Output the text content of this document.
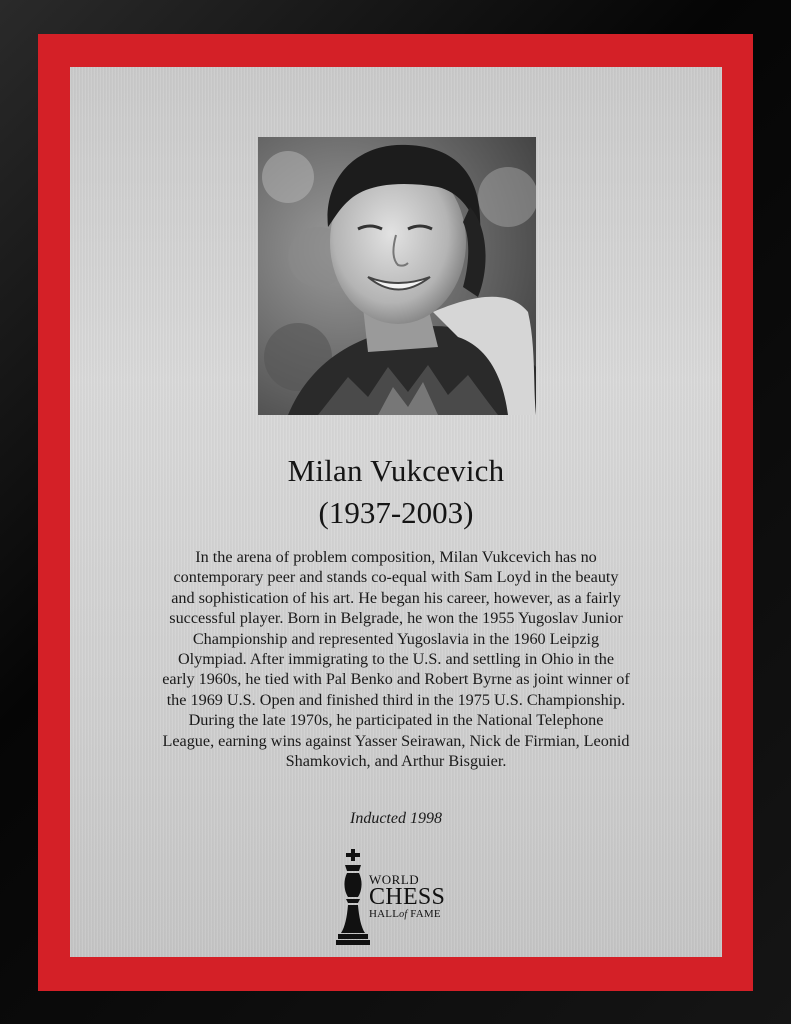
Milan Vukcevich
(1937-2003)
In the arena of problem composition, Milan Vukcevich has no
contemporary peer and stands co-equal with Sam Loyd in the beauty
and sophistication of his art. He began his career, however, as a fairly
successful player. Born in Belgrade, he won the 1955 Yugoslav Junior
Championship and represented Yugoslavia in the 1960 Leipzig
Olympiad. After immigrating to the U.S. and settling in Ohio in the
early 1960s, he tied with Pal Benko and Robert Byrne as joint winner of
the 1969 U.S. Open and finished third in the 1975 U.S. Championship.
During the late 1970s, he participated in the National Telephone
League, earning wins against Yasser Seirawan, Nick de Firmian, Leonid
Shamkovich, and Arthur Bisguier.
Inducted 1998
WORLD
CHESS
HALLof FAME
